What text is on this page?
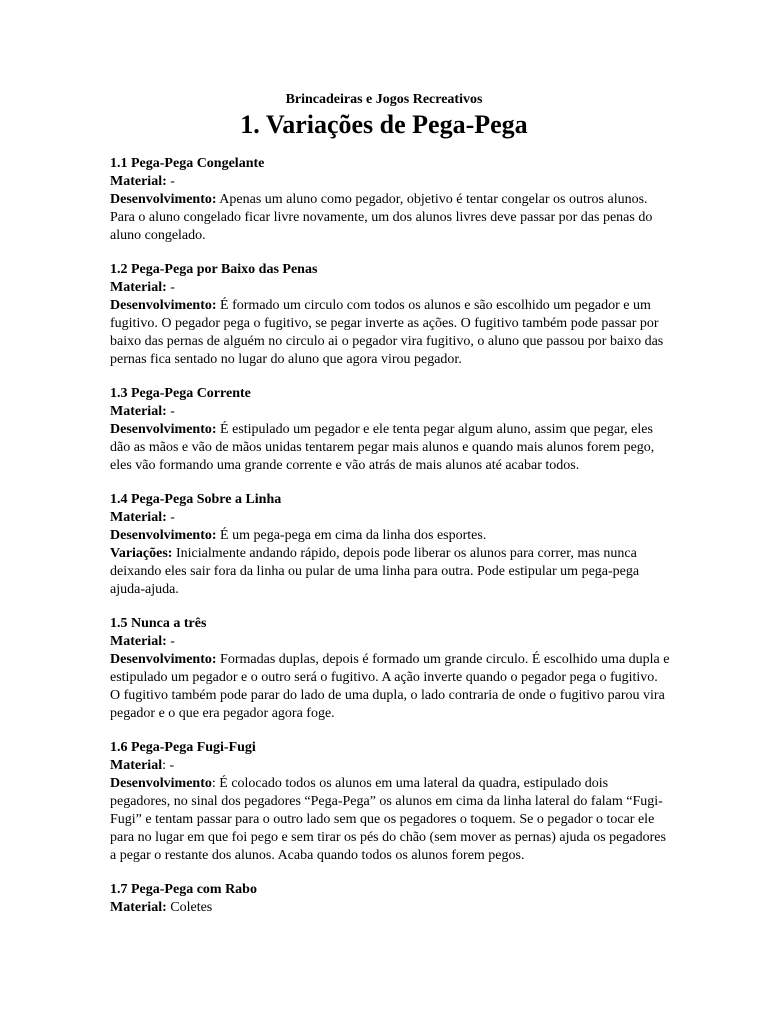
Brincadeiras e Jogos Recreativos
1. Variações de Pega-Pega
1.1 Pega-Pega Congelante
Material: -
Desenvolvimento: Apenas um aluno como pegador, objetivo é tentar congelar os outros alunos. Para o aluno congelado ficar livre novamente, um dos alunos livres deve passar por das penas do aluno congelado.
1.2 Pega-Pega por Baixo das Penas
Material: -
Desenvolvimento: É formado um circulo com todos os alunos e são escolhido um pegador e um fugitivo. O pegador pega o fugitivo, se pegar inverte as ações. O fugitivo também pode passar por baixo das pernas de alguém no circulo ai o pegador vira fugitivo, o aluno que passou por baixo das pernas fica sentado no lugar do aluno que agora virou pegador.
1.3 Pega-Pega Corrente
Material: -
Desenvolvimento: É estipulado um pegador e ele tenta pegar algum aluno, assim que pegar, eles dão as mãos e vão de mãos unidas tentarem pegar mais alunos e quando mais alunos forem pego, eles vão formando uma grande corrente e vão atrás de mais alunos até acabar todos.
1.4 Pega-Pega Sobre a Linha
Material: -
Desenvolvimento: É um pega-pega em cima da linha dos esportes.
Variações: Inicialmente andando rápido, depois pode liberar os alunos para correr, mas nunca deixando eles sair fora da linha ou pular de uma linha para outra. Pode estipular um pega-pega ajuda-ajuda.
1.5 Nunca a três
Material: -
Desenvolvimento: Formadas duplas, depois é formado um grande circulo. É escolhido uma dupla e estipulado um pegador e o outro será o fugitivo. A ação inverte quando o pegador pega o fugitivo. O fugitivo também pode parar do lado de uma dupla, o lado contraria de onde o fugitivo parou vira pegador e o que era pegador agora foge.
1.6 Pega-Pega Fugi-Fugi
Material: -
Desenvolvimento: É colocado todos os alunos em uma lateral da quadra, estipulado dois pegadores, no sinal dos pegadores “Pega-Pega” os alunos em cima da linha lateral do falam “Fugi-Fugi” e tentam passar para o outro lado sem que os pegadores o toquem. Se o pegador o tocar ele para no lugar em que foi pego e sem tirar os pés do chão (sem mover as pernas) ajuda os pegadores a pegar o restante dos alunos. Acaba quando todos os alunos forem pegos.
1.7 Pega-Pega com Rabo
Material: Coletes
